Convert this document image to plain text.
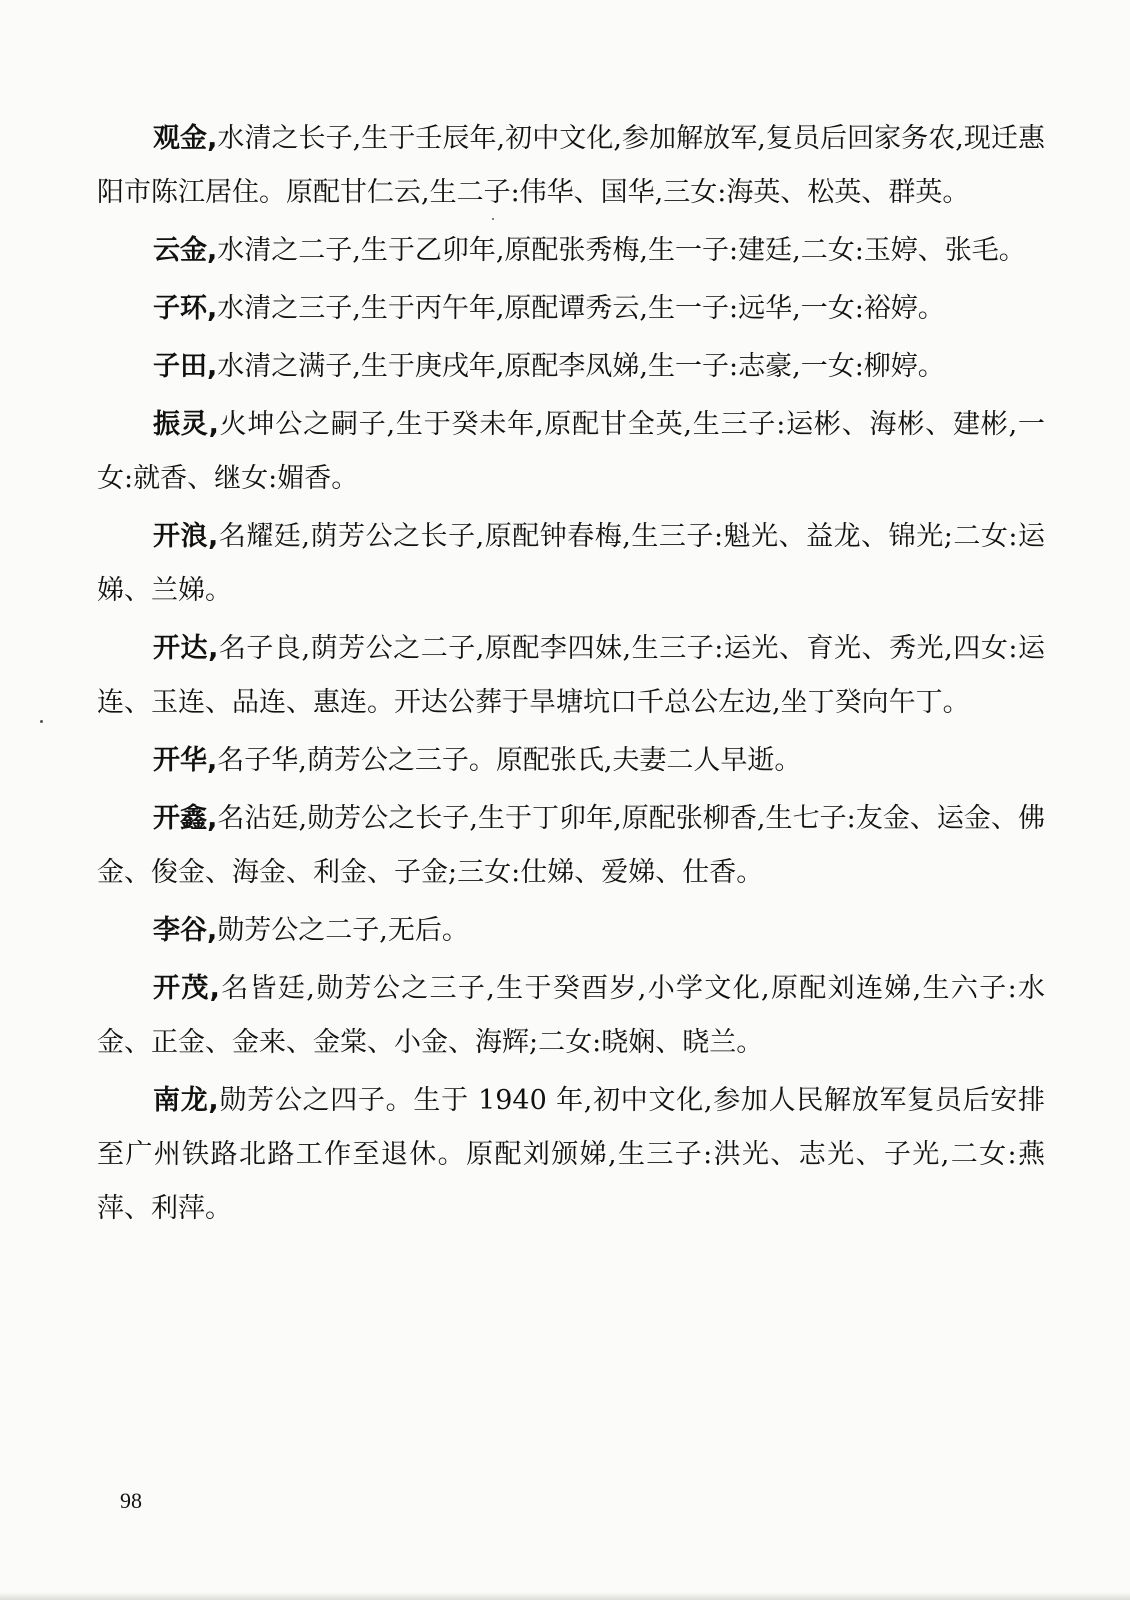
观金,水清之长子,生于壬辰年,初中文化,参加解放军,复员后回家务农,现迁惠阳市陈江居住。原配甘仁云,生二子:伟华、国华,三女:海英、松英、群英。

云金,水清之二子,生于乙卯年,原配张秀梅,生一子:建廷,二女:玉婷、张毛。

子环,水清之三子,生于丙午年,原配谭秀云,生一子:远华,一女:裕婷。

子田,水清之满子,生于庚戌年,原配李凤娣,生一子:志豪,一女:柳婷。

振灵,火坤公之嗣子,生于癸未年,原配甘全英,生三子:运彬、海彬、建彬,一女:就香、继女:媚香。

开浪,名耀廷,荫芳公之长子,原配钟春梅,生三子:魁光、益龙、锦光;二女:运娣、兰娣。

开达,名子良,荫芳公之二子,原配李四妹,生三子:运光、育光、秀光,四女:运连、玉连、品连、惠连。开达公葬于旱塘坑口千总公左边,坐丁癸向午丁。

开华,名子华,荫芳公之三子。原配张氏,夫妻二人早逝。

开鑫,名沾廷,勋芳公之长子,生于丁卯年,原配张柳香,生七子:友金、运金、佛金、俊金、海金、利金、子金;三女:仕娣、爱娣、仕香。

李谷,勋芳公之二子,无后。

开茂,名皆廷,勋芳公之三子,生于癸酉岁,小学文化,原配刘连娣,生六子:水金、正金、金来、金棠、小金、海辉;二女:晓娴、晓兰。

南龙,勋芳公之四子。生于 1940 年,初中文化,参加人民解放军复员后安排至广州铁路北路工作至退休。原配刘颁娣,生三子:洪光、志光、子光,二女:燕萍、利萍。

98
